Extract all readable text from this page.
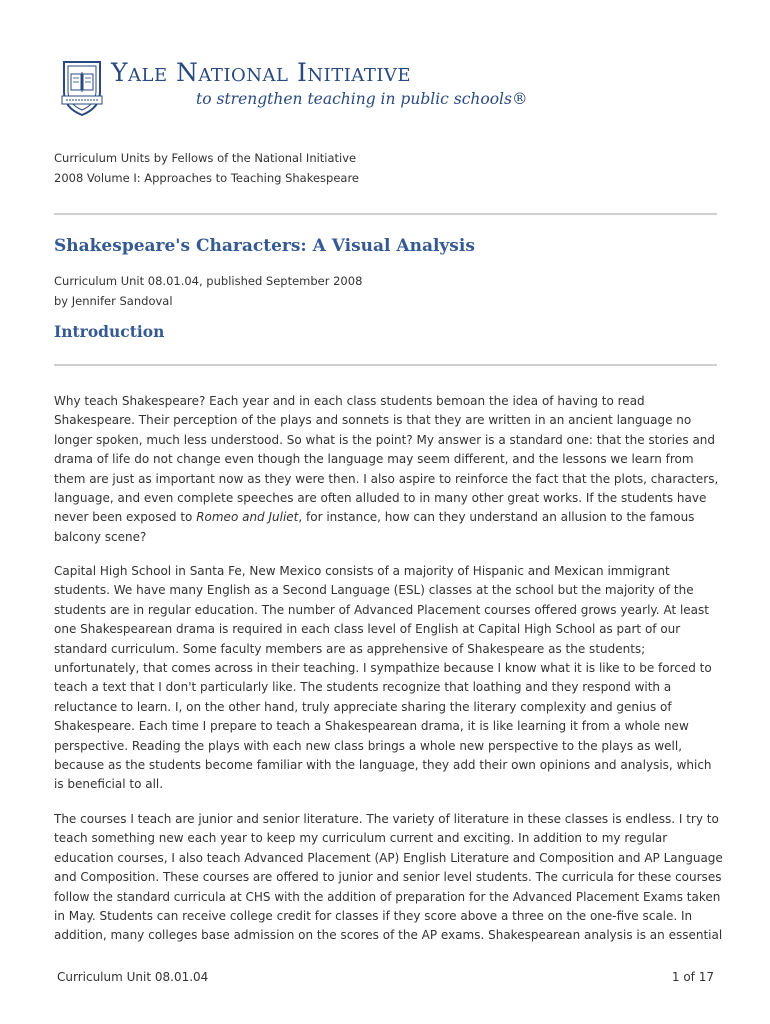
Yale National Initiative
to strengthen teaching in public schools®
Curriculum Units by Fellows of the National Initiative
2008 Volume I: Approaches to Teaching Shakespeare
Shakespeare's Characters: A Visual Analysis
Curriculum Unit 08.01.04, published September 2008
by Jennifer Sandoval
Introduction
Why teach Shakespeare? Each year and in each class students bemoan the idea of having to read
Shakespeare. Their perception of the plays and sonnets is that they are written in an ancient language no
longer spoken, much less understood. So what is the point? My answer is a standard one: that the stories and
drama of life do not change even though the language may seem different, and the lessons we learn from
them are just as important now as they were then. I also aspire to reinforce the fact that the plots, characters,
language, and even complete speeches are often alluded to in many other great works. If the students have
never been exposed to Romeo and Juliet, for instance, how can they understand an allusion to the famous
balcony scene?
Capital High School in Santa Fe, New Mexico consists of a majority of Hispanic and Mexican immigrant
students. We have many English as a Second Language (ESL) classes at the school but the majority of the
students are in regular education. The number of Advanced Placement courses offered grows yearly. At least
one Shakespearean drama is required in each class level of English at Capital High School as part of our
standard curriculum. Some faculty members are as apprehensive of Shakespeare as the students;
unfortunately, that comes across in their teaching. I sympathize because I know what it is like to be forced to
teach a text that I don't particularly like. The students recognize that loathing and they respond with a
reluctance to learn. I, on the other hand, truly appreciate sharing the literary complexity and genius of
Shakespeare. Each time I prepare to teach a Shakespearean drama, it is like learning it from a whole new
perspective. Reading the plays with each new class brings a whole new perspective to the plays as well,
because as the students become familiar with the language, they add their own opinions and analysis, which
is beneficial to all.
The courses I teach are junior and senior literature. The variety of literature in these classes is endless. I try to
teach something new each year to keep my curriculum current and exciting. In addition to my regular
education courses, I also teach Advanced Placement (AP) English Literature and Composition and AP Language
and Composition. These courses are offered to junior and senior level students. The curricula for these courses
follow the standard curricula at CHS with the addition of preparation for the Advanced Placement Exams taken
in May. Students can receive college credit for classes if they score above a three on the one-five scale. In
addition, many colleges base admission on the scores of the AP exams. Shakespearean analysis is an essential
Curriculum Unit 08.01.04	1 of 17
